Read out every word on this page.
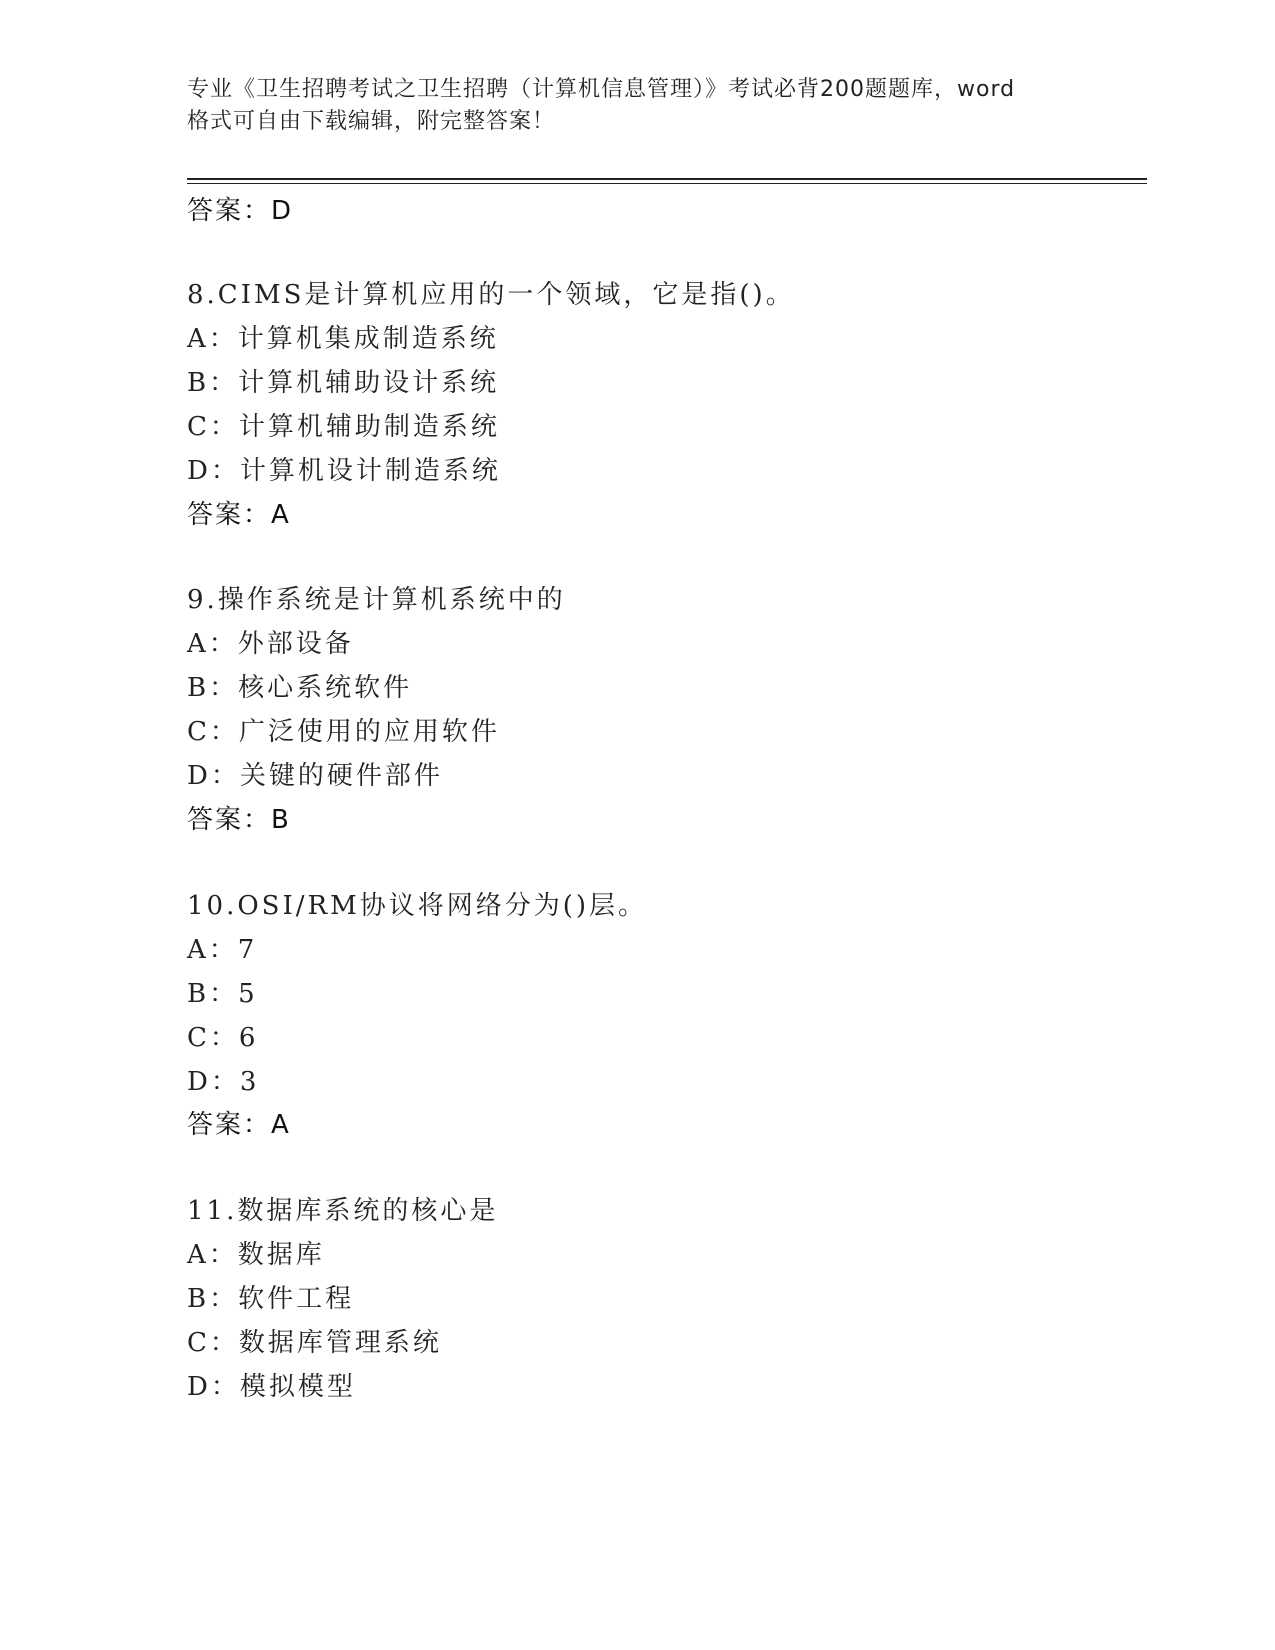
专业《卫生招聘考试之卫生招聘（计算机信息管理）》考试必背200题题库，word
格式可自由下载编辑，附完整答案！
答案：D
8.CIMS是计算机应用的一个领域，它是指()。
A：计算机集成制造系统
B：计算机辅助设计系统
C：计算机辅助制造系统
D：计算机设计制造系统
答案：A
9.操作系统是计算机系统中的
A：外部设备
B：核心系统软件
C：广泛使用的应用软件
D：关键的硬件部件
答案：B
10.OSI/RM协议将网络分为()层。
A：7
B：5
C：6
D：3
答案：A
11.数据库系统的核心是
A：数据库
B：软件工程
C：数据库管理系统
D：模拟模型
